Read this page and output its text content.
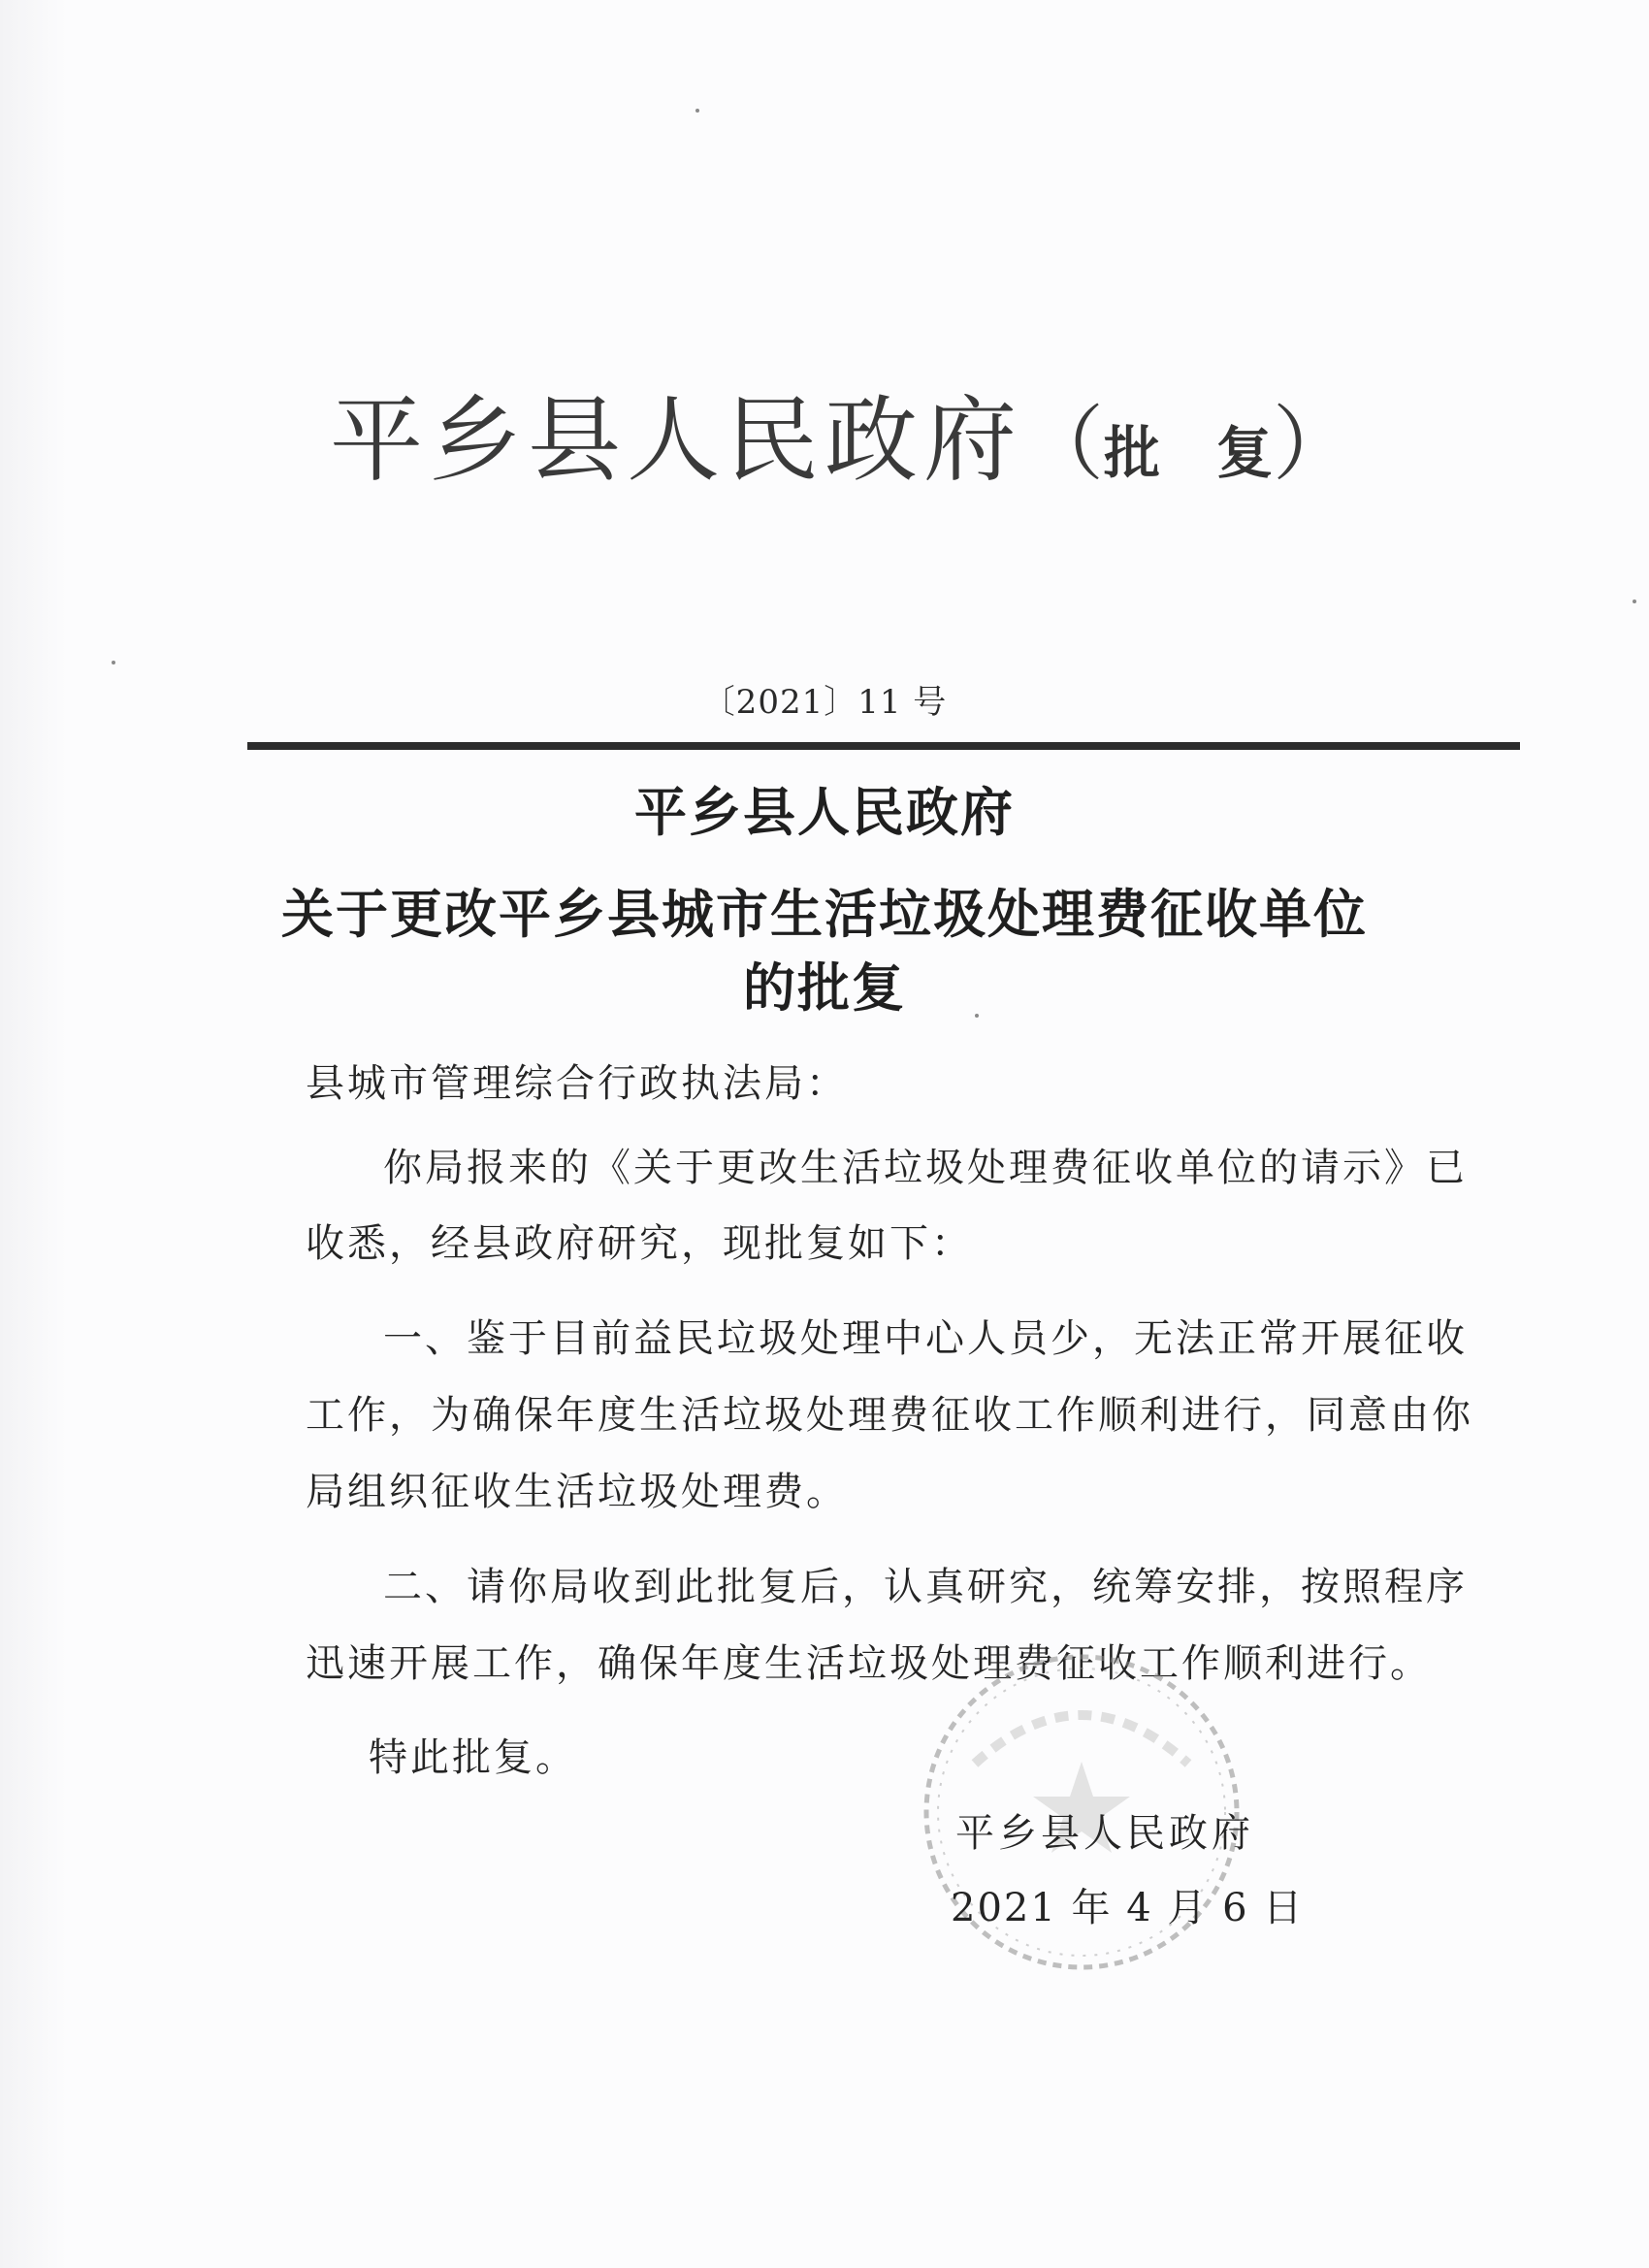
平乡县人民政府（批　复）
〔2021〕11 号
平乡县人民政府
关于更改平乡县城市生活垃圾处理费征收单位
的批复
县城市管理综合行政执法局：
你局报来的《关于更改生活垃圾处理费征收单位的请示》已
收悉，经县政府研究，现批复如下：
一、鉴于目前益民垃圾处理中心人员少，无法正常开展征收
工作，为确保年度生活垃圾处理费征收工作顺利进行，同意由你
局组织征收生活垃圾处理费。
二、请你局收到此批复后，认真研究，统筹安排，按照程序
迅速开展工作，确保年度生活垃圾处理费征收工作顺利进行。
特此批复。
平乡县人民政府
2021 年 4 月 6 日
